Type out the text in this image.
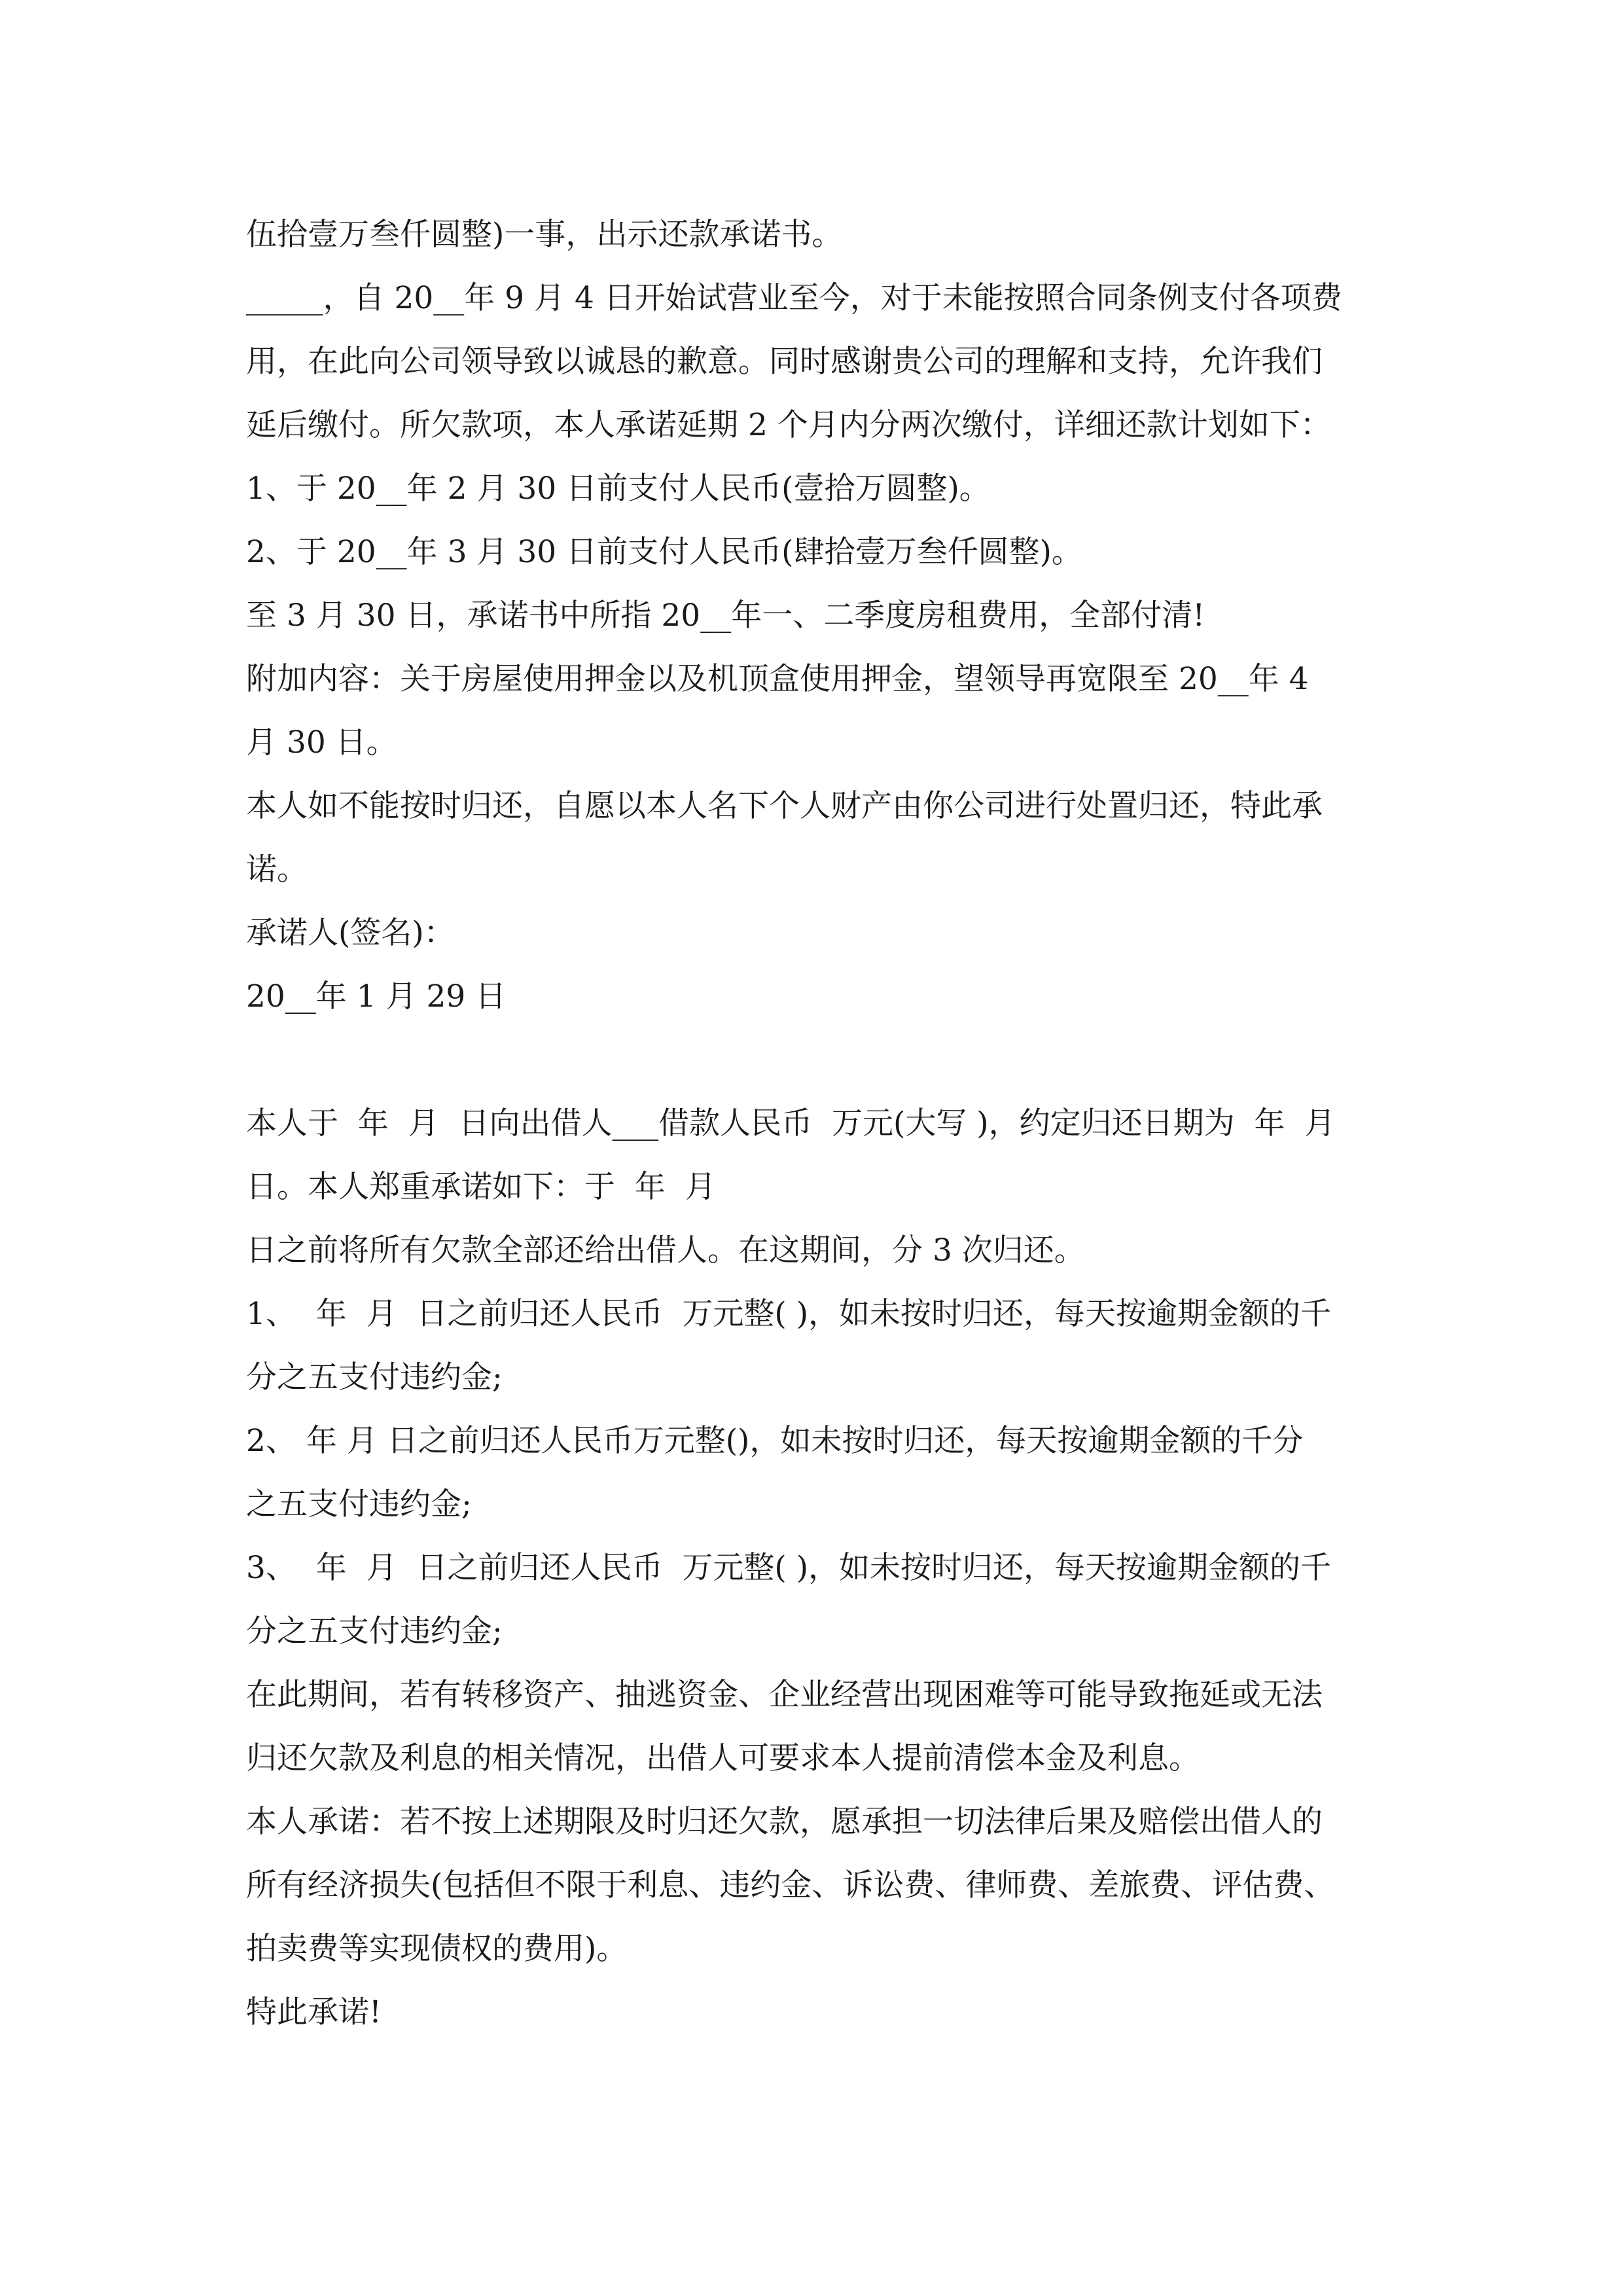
伍拾壹万叁仟圆整)一事，出示还款承诺书。

_____，自 20__年 9 月 4 日开始试营业至今，对于未能按照合同条例支付各项费

用，在此向公司领导致以诚恳的歉意。同时感谢贵公司的理解和支持，允许我们

延后缴付。所欠款项，本人承诺延期 2 个月内分两次缴付，详细还款计划如下：

1、于 20__年 2 月 30 日前支付人民币(壹拾万圆整)。

2、于 20__年 3 月 30 日前支付人民币(肆拾壹万叁仟圆整)。

至 3 月 30 日，承诺书中所指 20__年一、二季度房租费用，全部付清!

附加内容：关于房屋使用押金以及机顶盒使用押金，望领导再宽限至 20__年 4

月 30 日。

本人如不能按时归还，自愿以本人名下个人财产由你公司进行处置归还，特此承

诺。

承诺人(签名)：

20__年 1 月 29 日

本人于  年  月  日向出借人___借款人民币  万元(大写 )，约定归还日期为  年  月

日。本人郑重承诺如下：于  年  月

日之前将所有欠款全部还给出借人。在这期间，分 3 次归还。

1、  年  月  日之前归还人民币  万元整( )，如未按时归还，每天按逾期金额的千

分之五支付违约金;

2、 年 月 日之前归还人民币万元整()，如未按时归还，每天按逾期金额的千分

之五支付违约金;

3、  年  月  日之前归还人民币  万元整( )，如未按时归还，每天按逾期金额的千

分之五支付违约金;

在此期间，若有转移资产、抽逃资金、企业经营出现困难等可能导致拖延或无法

归还欠款及利息的相关情况，出借人可要求本人提前清偿本金及利息。

本人承诺：若不按上述期限及时归还欠款，愿承担一切法律后果及赔偿出借人的

所有经济损失(包括但不限于利息、违约金、诉讼费、律师费、差旅费、评估费、

拍卖费等实现债权的费用)。

特此承诺!
